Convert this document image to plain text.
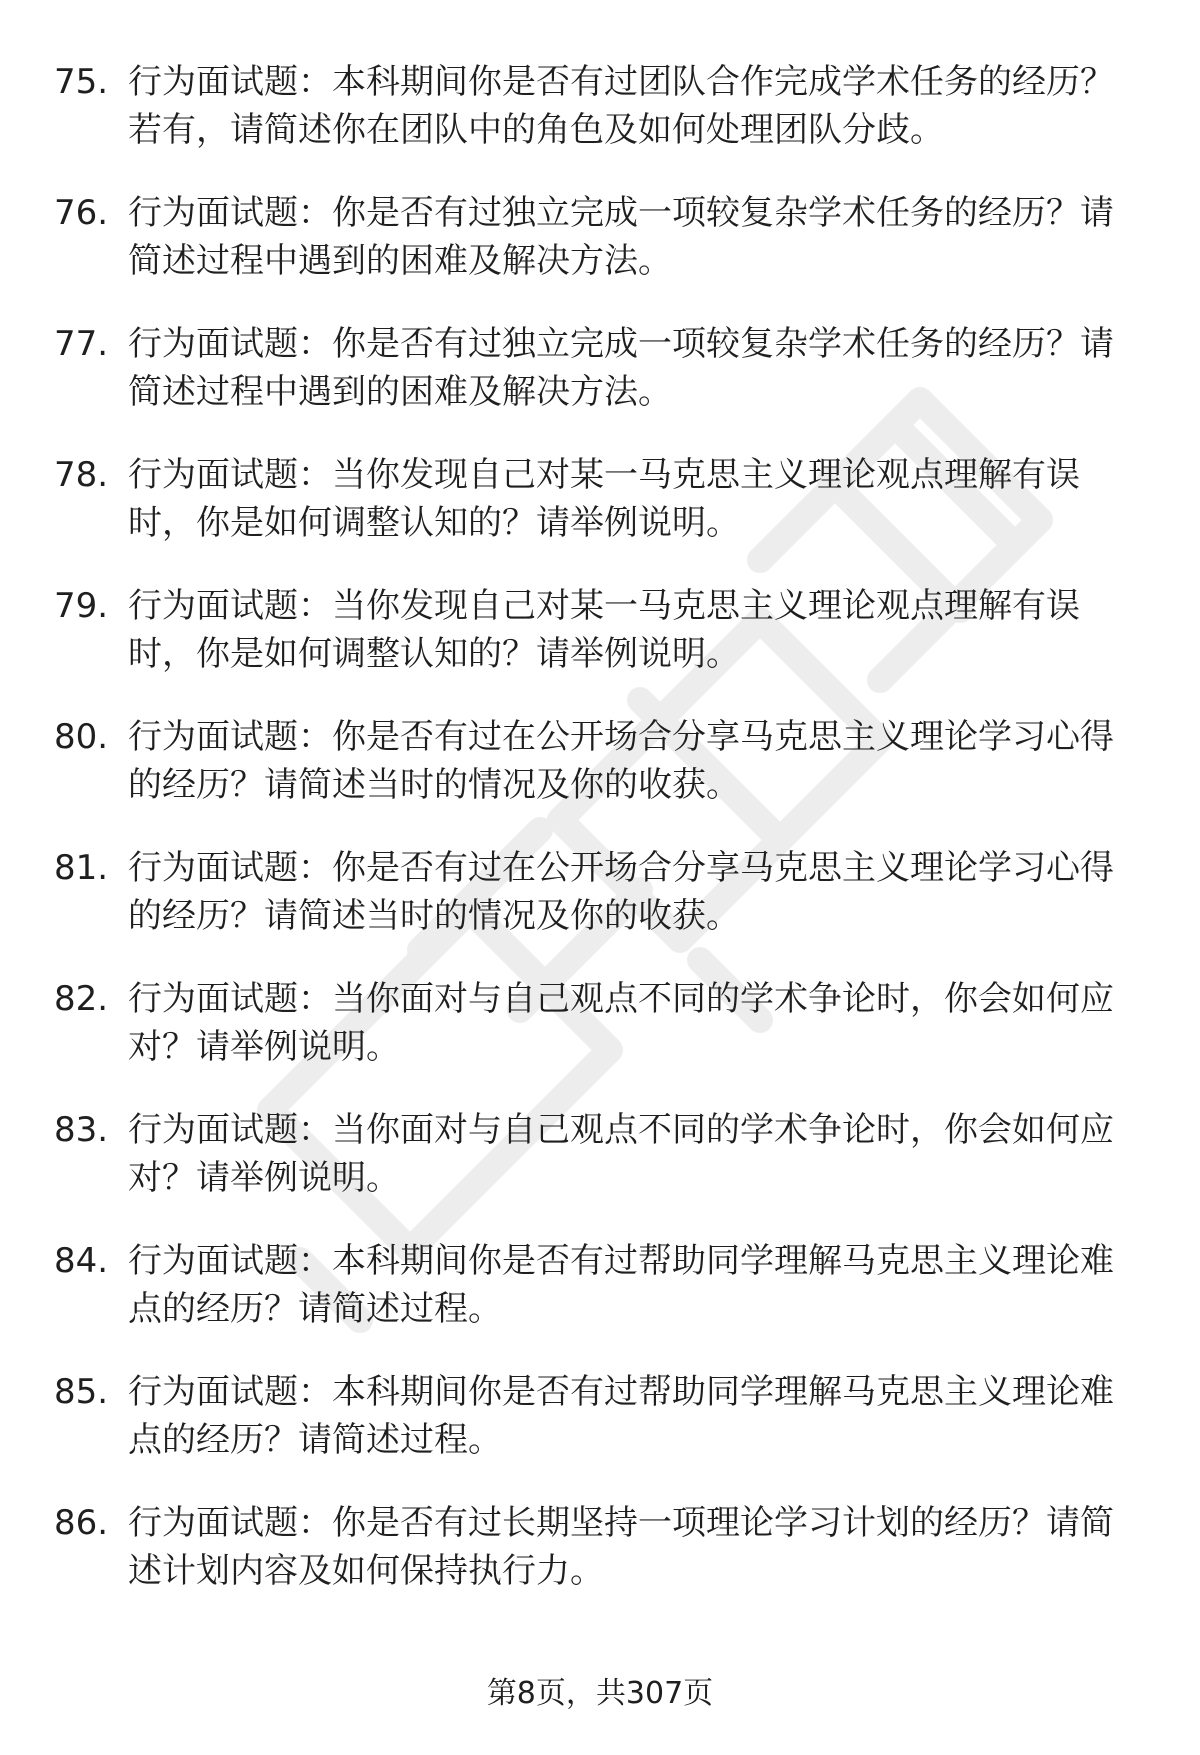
75. 行为面试题：本科期间你是否有过团队合作完成学术任务的经历？若有，请简述你在团队中的角色及如何处理团队分歧。
76. 行为面试题：你是否有过独立完成一项较复杂学术任务的经历？请简述过程中遇到的困难及解决方法。
77. 行为面试题：你是否有过独立完成一项较复杂学术任务的经历？请简述过程中遇到的困难及解决方法。
78. 行为面试题：当你发现自己对某一马克思主义理论观点理解有误时，你是如何调整认知的？请举例说明。
79. 行为面试题：当你发现自己对某一马克思主义理论观点理解有误时，你是如何调整认知的？请举例说明。
80. 行为面试题：你是否有过在公开场合分享马克思主义理论学习心得的经历？请简述当时的情况及你的收获。
81. 行为面试题：你是否有过在公开场合分享马克思主义理论学习心得的经历？请简述当时的情况及你的收获。
82. 行为面试题：当你面对与自己观点不同的学术争论时，你会如何应对？请举例说明。
83. 行为面试题：当你面对与自己观点不同的学术争论时，你会如何应对？请举例说明。
84. 行为面试题：本科期间你是否有过帮助同学理解马克思主义理论难点的经历？请简述过程。
85. 行为面试题：本科期间你是否有过帮助同学理解马克思主义理论难点的经历？请简述过程。
86. 行为面试题：你是否有过长期坚持一项理论学习计划的经历？请简述计划内容及如何保持执行力。
第8页，共307页
